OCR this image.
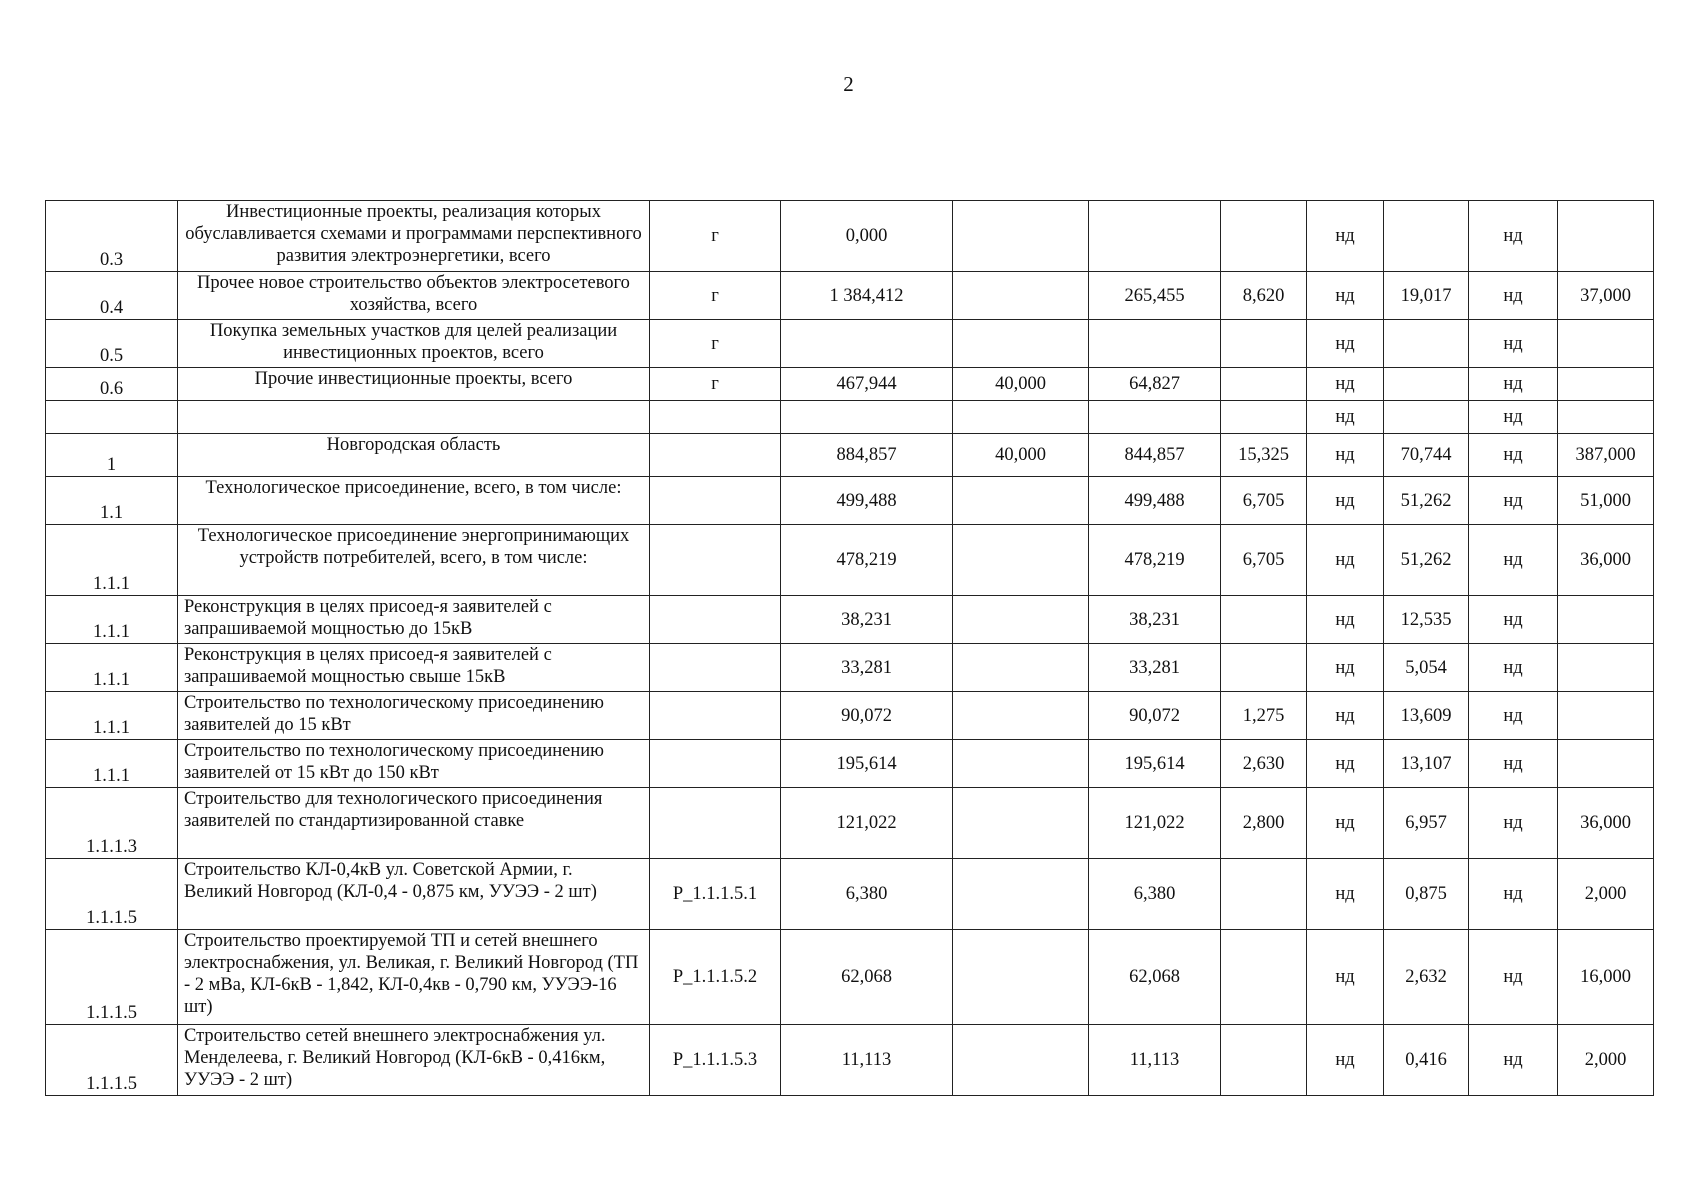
2
0.3	Инвестиционные проекты, реализация которых обуславливается схемами и программами перспективного развития электроэнергетики, всего	г	0,000				нд		нд	
0.4	Прочее новое строительство объектов электросетевого хозяйства, всего	г	1 384,412		265,455	8,620	нд	19,017	нд	37,000
0.5	Покупка земельных участков для целей реализации инвестиционных проектов, всего	г					нд		нд	
0.6	Прочие инвестиционные проекты, всего	г	467,944	40,000	64,827		нд		нд	
							нд		нд	
1	Новгородская область		884,857	40,000	844,857	15,325	нд	70,744	нд	387,000
1.1	Технологическое присоединение, всего, в том числе:		499,488		499,488	6,705	нд	51,262	нд	51,000
1.1.1	Технологическое присоединение энергопринимающих устройств потребителей, всего, в том числе:		478,219		478,219	6,705	нд	51,262	нд	36,000
1.1.1	Реконструкция в целях присоед-я заявителей с запрашиваемой мощностью до 15кВ		38,231		38,231		нд	12,535	нд	
1.1.1	Реконструкция в целях присоед-я заявителей с запрашиваемой мощностью свыше 15кВ		33,281		33,281		нд	5,054	нд	
1.1.1	Строительство по технологическому присоединению заявителей до 15 кВт		90,072		90,072	1,275	нд	13,609	нд	
1.1.1	Строительство по технологическому присоединению заявителей от 15 кВт до 150 кВт		195,614		195,614	2,630	нд	13,107	нд	
1.1.1.3	Строительство для технологического присоединения заявителей по стандартизированной ставке		121,022		121,022	2,800	нд	6,957	нд	36,000
1.1.1.5	Строительство КЛ-0,4кВ ул. Советской Армии, г. Великий Новгород (КЛ-0,4 - 0,875 км, УУЭЭ - 2 шт)	Р_1.1.1.5.1	6,380		6,380		нд	0,875	нд	2,000
1.1.1.5	Строительство проектируемой ТП и сетей внешнего электроснабжения, ул. Великая, г. Великий Новгород (ТП - 2 мВа, КЛ-6кВ - 1,842, КЛ-0,4кв - 0,790 км, УУЭЭ-16 шт)	Р_1.1.1.5.2	62,068		62,068		нд	2,632	нд	16,000
1.1.1.5	Строительство сетей внешнего электроснабжения ул. Менделеева, г. Великий Новгород (КЛ-6кВ - 0,416км, УУЭЭ - 2 шт)	Р_1.1.1.5.3	11,113		11,113		нд	0,416	нд	2,000
